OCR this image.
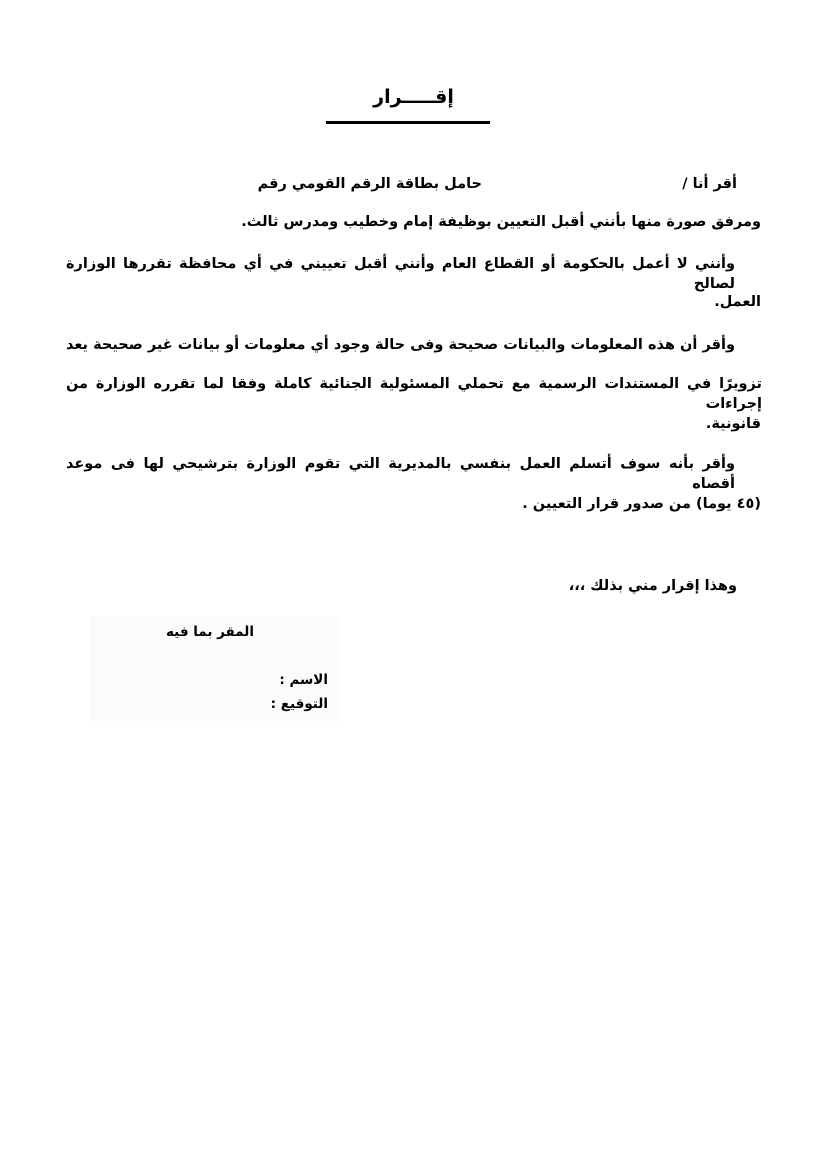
إقـــــرار
أقر أنا /
حامل بطاقة الرقم القومي رقم
ومرفق صورة منها بأنني أقبل التعيين بوظيفة إمام وخطيب ومدرس ثالث.
وأنني لا أعمل بالحكومة أو القطاع العام وأنني أقبل تعييني في أي محافظة تقررها الوزارة لصالح
العمل.
وأقر أن هذه المعلومات والبيانات صحيحة وفى حالة وجود أي معلومات أو بيانات غير صحيحة يعد
تزويرًا في المستندات الرسمية مع تحملي المسئولية الجنائية كاملة وفقا لما تقرره الوزارة من إجراءات
قانونية.
وأقر بأنه سوف أتسلم العمل بنفسي بالمديرية التي تقوم الوزارة بترشيحي لها فى موعد أقصاه
(٤٥ يوما) من صدور قرار التعيين .
وهذا إقرار مني بذلك ،،،
المقر بما فيه
الاسم :
التوقيع :
